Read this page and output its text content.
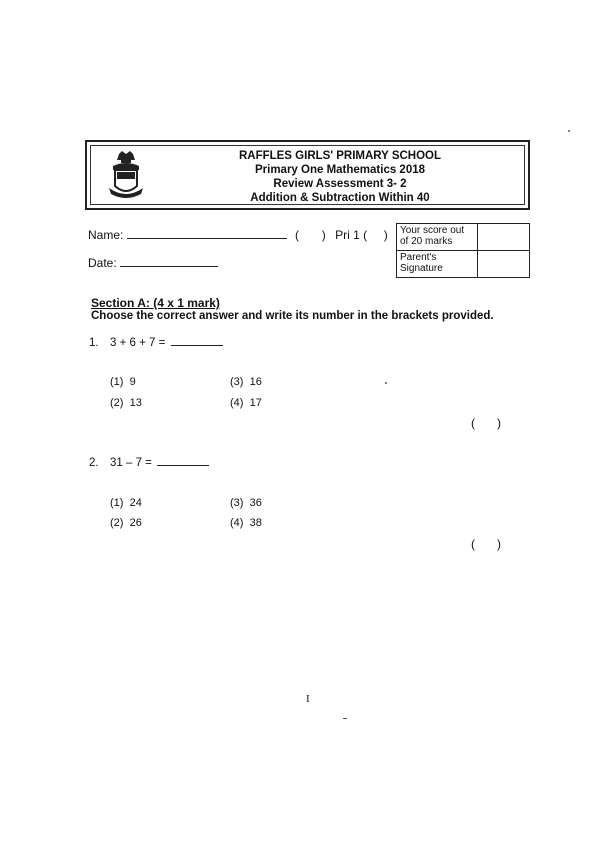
RAFFLES GIRLS' PRIMARY SCHOOL
Primary One Mathematics 2018
Review Assessment 3- 2
Addition & Subtraction Within 40
Name:	( ) Pri 1 ( )
Date:
Your score out
of 20 marks	
Parent's
Signature	
Section A: (4 x 1 mark)
Choose the correct answer and write its number in the brackets provided.
1. 3 + 6 + 7 =
(1) 9
(2) 13
(3) 16
(4) 17
( )
2. 31 – 7 =
(1) 24
(2) 26
(3) 36
(4) 38
( )
I
